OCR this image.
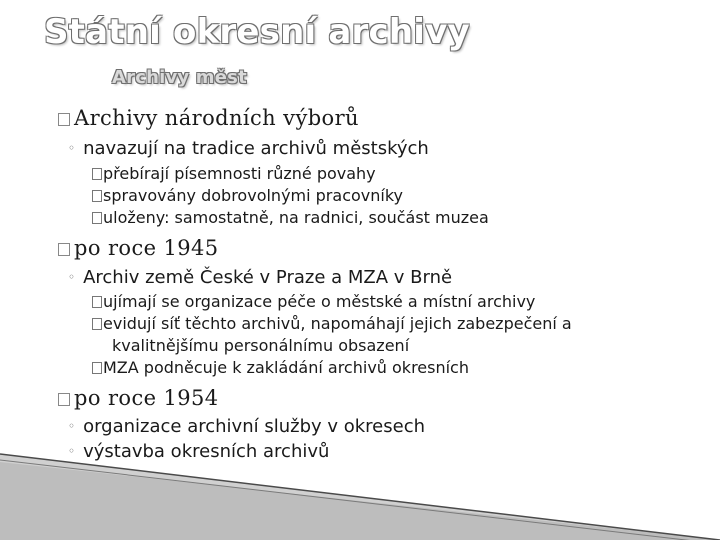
Státní okresní archivy
Archivy měst
Archivy národních výborů
◦ navazují na tradice archivů městských
přebírají písemnosti různé povahy
spravovány dobrovolnými pracovníky
uloženy: samostatně, na radnici, součást muzea
po roce 1945
◦ Archiv země České v Praze a MZA v Brně
ujímají se organizace péče o městské a místní archivy
evidují síť těchto archivů, napomáhají jejich zabezpečení a
kvalitnějšímu personálnímu obsazení
MZA podněcuje k zakládání archivů okresních
po roce 1954
◦ organizace archivní služby v okresech
◦ výstavba okresních archivů
